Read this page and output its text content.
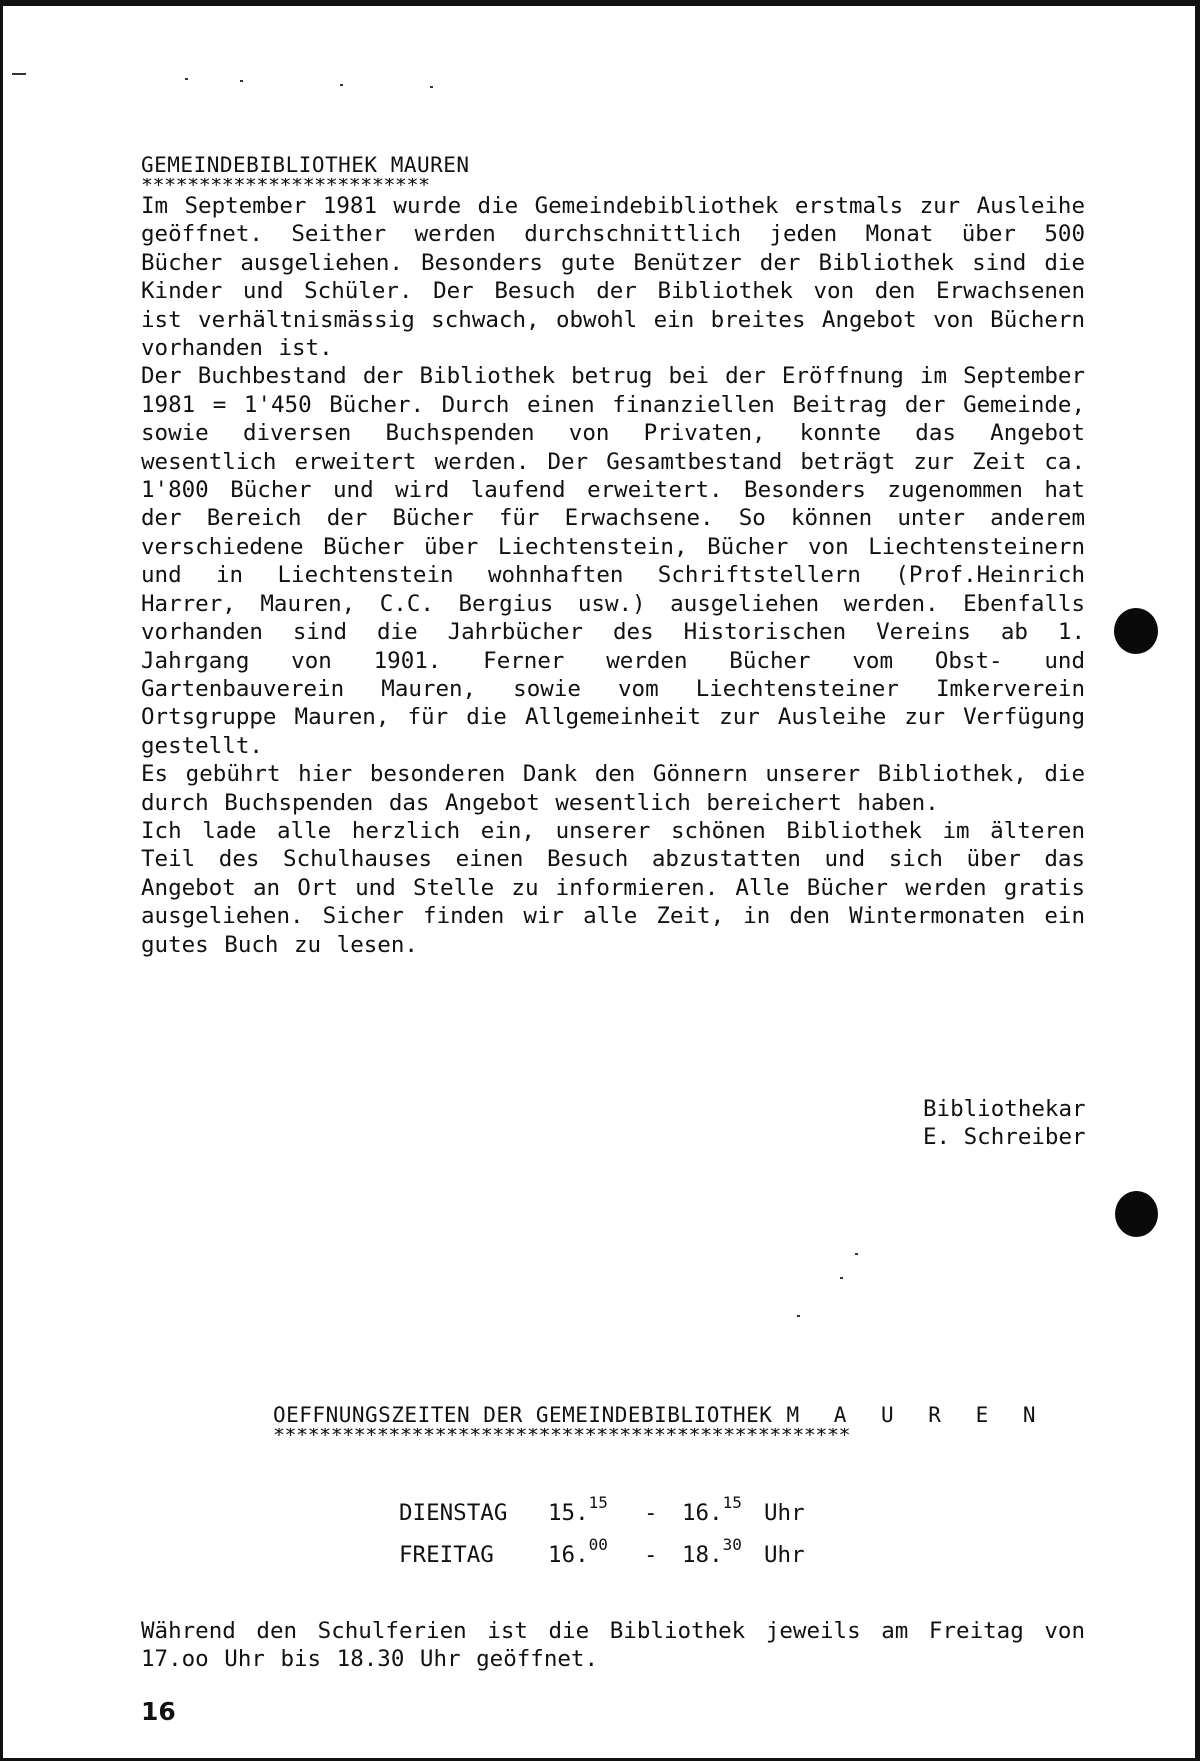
GEMEINDEBIBLIOTHEK MAUREN
*************************

Im September 1981 wurde die Gemeindebibliothek erstmals zur Ausleihe geöffnet. Seither werden durchschnittlich jeden Monat über 500 Bücher ausgeliehen. Besonders gute Benützer der Bibliothek sind die Kinder und Schüler. Der Besuch der Bibliothek von den Erwachsenen ist verhältnismässig schwach, obwohl ein breites Angebot von Büchern vorhanden ist.

Der Buchbestand der Bibliothek betrug bei der Eröffnung im September 1981 = 1'450 Bücher. Durch einen finanziellen Beitrag der Gemeinde, sowie diversen Buchspenden von Privaten, konnte das Angebot wesentlich erweitert werden. Der Gesamtbestand beträgt zur Zeit ca. 1'800 Bücher und wird laufend erweitert. Besonders zugenommen hat der Bereich der Bücher für Erwachsene. So können unter anderem verschiedene Bücher über Liechtenstein, Bücher von Liechtensteinern und in Liechtenstein wohnhaften Schriftstellern (Prof.Heinrich Harrer, Mauren, C.C. Bergius usw.) ausgeliehen werden. Ebenfalls vorhanden sind die Jahrbücher des Historischen Vereins ab 1. Jahrgang von 1901. Ferner werden Bücher vom Obst- und Gartenbauverein Mauren, sowie vom Liechtensteiner Imkerverein Ortsgruppe Mauren, für die Allgemeinheit zur Ausleihe zur Verfügung gestellt.

Es gebührt hier besonderen Dank den Gönnern unserer Bibliothek, die durch Buchspenden das Angebot wesentlich bereichert haben.

Ich lade alle herzlich ein, unserer schönen Bibliothek im älteren Teil des Schulhauses einen Besuch abzustatten und sich über das Angebot an Ort und Stelle zu informieren. Alle Bücher werden gratis ausgeliehen. Sicher finden wir alle Zeit, in den Wintermonaten ein gutes Buch zu lesen.

Bibliothekar
E. Schreiber
OEFFNUNGSZEITEN DER GEMEINDEBIBLIOTHEK M A U R E N
**************************************************
DIENSTAG 15.15 - 16.15 Uhr
FREITAG 16.00 - 18.30 Uhr

Während den Schulferien ist die Bibliothek jeweils am Freitag von 17.oo Uhr bis 18.30 Uhr geöffnet.

16
